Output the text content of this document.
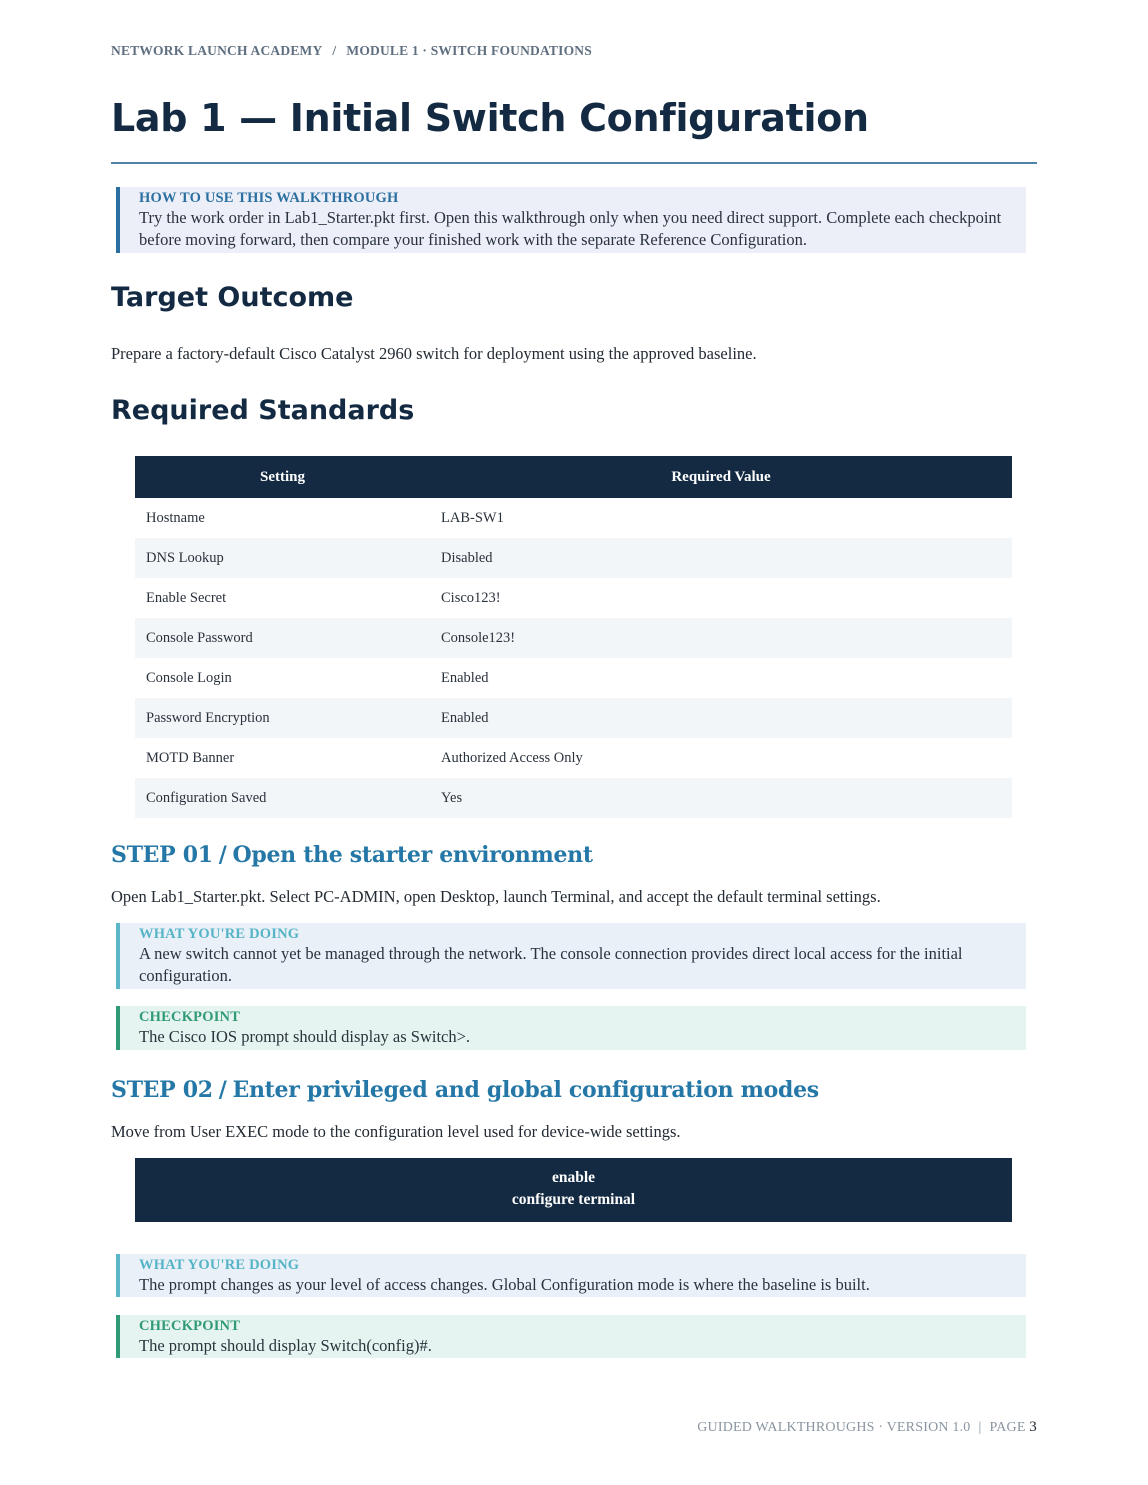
NETWORK LAUNCH ACADEMY / MODULE 1 · SWITCH FOUNDATIONS
Lab 1 — Initial Switch Configuration
HOW TO USE THIS WALKTHROUGH
Try the work order in Lab1_Starter.pkt first. Open this walkthrough only when you need direct support. Complete each checkpoint before moving forward, then compare your finished work with the separate Reference Configuration.
Target Outcome

Prepare a factory-default Cisco Catalyst 2960 switch for deployment using the approved baseline.

Required Standards
Setting	Required Value
Hostname	LAB-SW1
DNS Lookup	Disabled
Enable Secret	Cisco123!
Console Password	Console123!
Console Login	Enabled
Password Encryption	Enabled
MOTD Banner	Authorized Access Only
Configuration Saved	Yes
STEP 01 / Open the starter environment

Open Lab1_Starter.pkt. Select PC-ADMIN, open Desktop, launch Terminal, and accept the default terminal settings.

WHAT YOU'RE DOING
A new switch cannot yet be managed through the network. The console connection provides direct local access for the initial configuration.
CHECKPOINT
The Cisco IOS prompt should display as Switch>.
STEP 02 / Enter privileged and global configuration modes

Move from User EXEC mode to the configuration level used for device-wide settings.

enable
configure terminal
WHAT YOU'RE DOING
The prompt changes as your level of access changes. Global Configuration mode is where the baseline is built.
CHECKPOINT
The prompt should display Switch(config)#.
GUIDED WALKTHROUGHS · VERSION 1.0 | PAGE 3
